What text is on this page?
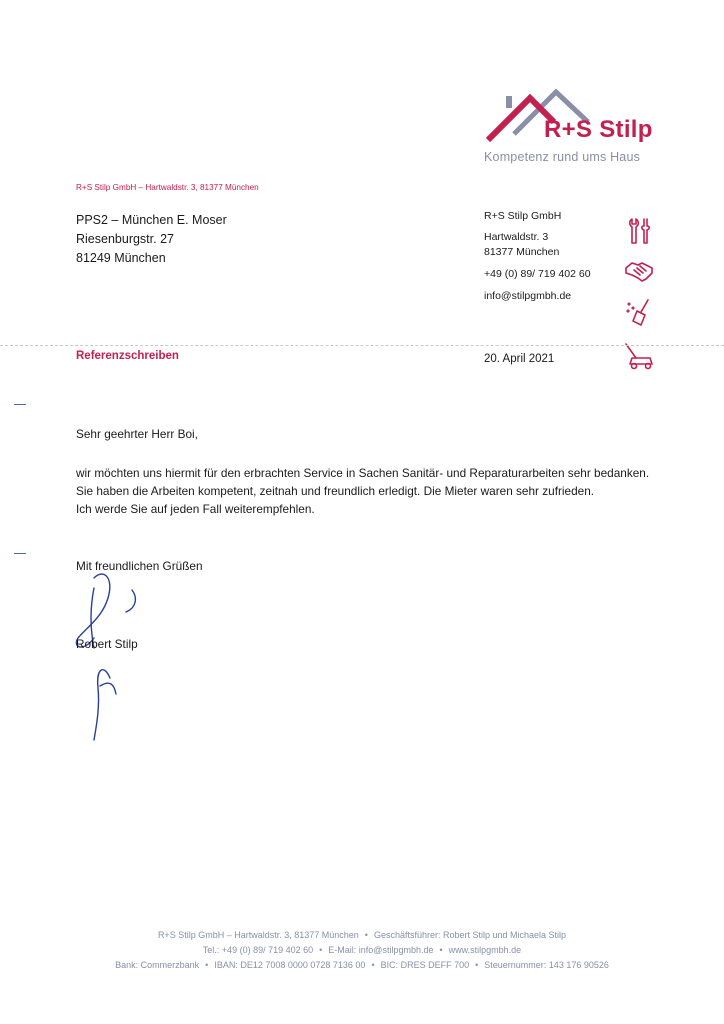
R+S Stilp
Kompetenz rund ums Haus
R+S Stilp GmbH – Hartwaldstr. 3, 81377 München
PPS2 – München E. Moser
Riesenburgstr. 27
81249 München
R+S Stilp GmbH
Hartwaldstr. 3
81377 München
+49 (0) 89/ 719 402 60
info@stilpgmbh.de
Referenzschreiben	20. April 2021
Sehr geehrter Herr Boi,

wir möchten uns hiermit für den erbrachten Service in Sachen Sanitär- und Reparaturarbeiten sehr bedanken. Sie haben die Arbeiten kompetent, zeitnah und freundlich erledigt. Die Mieter waren sehr zufrieden.

Ich werde Sie auf jeden Fall weiterempfehlen.

Mit freundlichen Grüßen
Robert Stilp
R+S Stilp GmbH – Hartwaldstr. 3, 81377 München • Geschäftsführer: Robert Stilp und Michaela Stilp
Tel.: +49 (0) 89/ 719 402 60 • E-Mail: info@stilpgmbh.de • www.stilpgmbh.de
Bank: Commerzbank • IBAN: DE12 7008 0000 0728 7136 00 • BIC: DRES DEFF 700 • Steuernummer: 143 176 90526
